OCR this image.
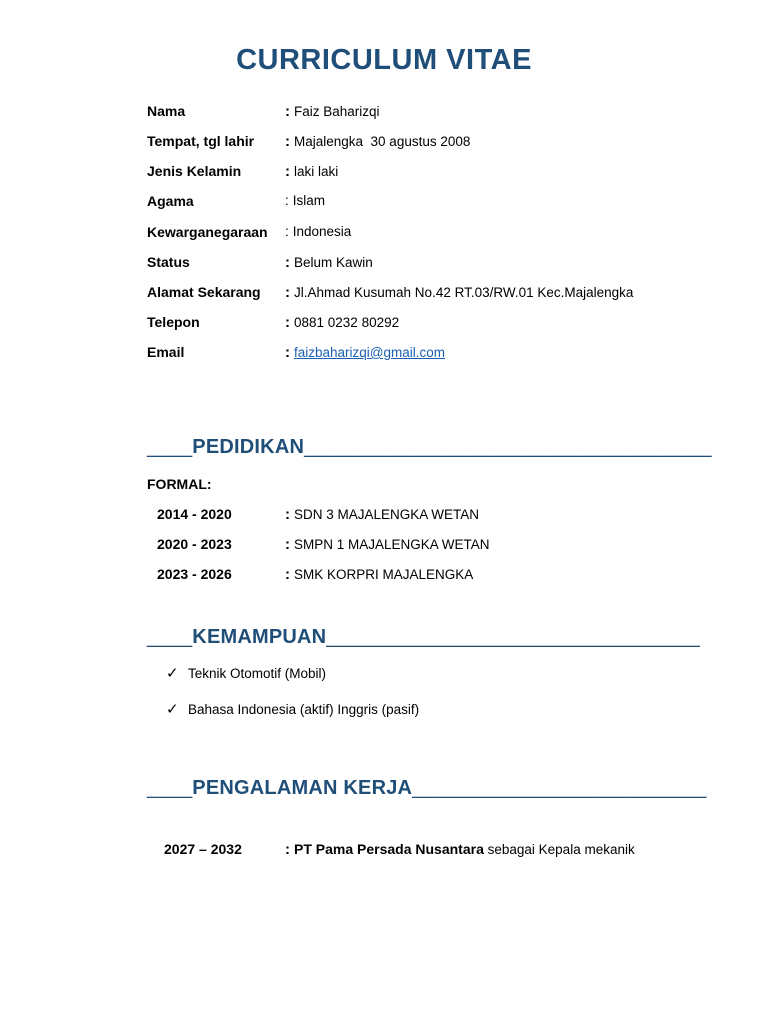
CURRICULUM VITAE
Nama	: Faiz Baharizqi
Tempat, tgl lahir : Majalengka  30 agustus 2008
Jenis Kelamin	: laki laki
Agama	: Islam
Kewarganegaraan : Indonesia
Status	: Belum Kawin
Alamat Sekarang : Jl.Ahmad Kusumah No.42 RT.03/RW.01 Kec.Majalengka
Telepon	: 0881 0232 80292
Email	: faizbaharizqi@gmail.com
____PEDIDIKAN____________________________________
FORMAL:
2014 - 2020	: SDN 3 MAJALENGKA WETAN
2020 - 2023	: SMPN 1 MAJALENGKA WETAN
2023 - 2026	: SMK KORPRI MAJALENGKA
____KEMAMPUAN_________________________________
✓ Teknik Otomotif (Mobil)
✓ Bahasa Indonesia (aktif) Inggris (pasif)
____PENGALAMAN KERJA__________________________
2027 – 2032	: PT Pama Persada Nusantara sebagai Kepala mekanik
